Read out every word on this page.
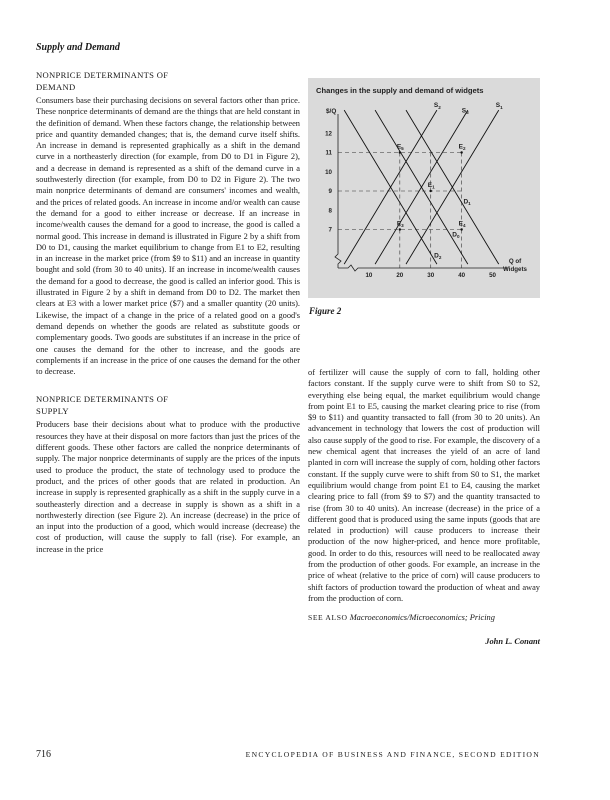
Supply and Demand
NONPRICE DETERMINANTS OF
DEMAND

Consumers base their purchasing decisions on several factors other than price. These nonprice determinants of demand are the things that are held constant in the definition of demand. When these factors change, the relationship between price and quantity demanded changes; that is, the demand curve itself shifts. An increase in demand is represented graphically as a shift in the demand curve in a northeasterly direction (for example, from D0 to D1 in Figure 2), and a decrease in demand is represented as a shift of the demand curve in a southwesterly direction (for example, from D0 to D2 in Figure 2). The two main nonprice determinants of demand are consumers' incomes and wealth, and the prices of related goods. An increase in income and/or wealth can cause the demand for a good to either increase or decrease. If an increase in income/wealth causes the demand for a good to increase, the good is called a normal good. This increase in demand is illustrated in Figure 2 by a shift from D0 to D1, causing the market equilibrium to change from E1 to E2, resulting in an increase in the market price (from $9 to $11) and an increase in quantity bought and sold (from 30 to 40 units). If an increase in income/wealth causes the demand for a good to decrease, the good is called an inferior good. This is illustrated in Figure 2 by a shift in demand from D0 to D2. The market then clears at E3 with a lower market price ($7) and a smaller quantity (20 units). Likewise, the impact of a change in the price of a related good on a good's demand depends on whether the goods are related as substitute goods or complementary goods. Two goods are substitutes if an increase in the price of one causes the demand for the other to increase, and the goods are complements if an increase in the price of one causes the demand for the other to decrease.

NONPRICE DETERMINANTS OF
SUPPLY

Producers base their decisions about what to produce with the productive resources they have at their disposal on more factors than just the prices of the different goods. These other factors are called the nonprice determinants of supply. The major nonprice determinants of supply are the prices of the inputs used to produce the product, the state of technology used to produce the product, and the prices of other goods that are related in production. An increase in supply is represented graphically as a shift in the supply curve in a southeasterly direction and a decrease in supply is shown as a shift in a northwesterly direction (see Figure 2). An increase (decrease) in the price of an input into the production of a good, which would increase (decrease) the cost of production, will cause the supply to fall (rise). For example, an increase in the price

Changes in the supply and demand of widgets
$/Q
$S_2$
$S_3$
$S_1$
$D_1$
$D_0$
$D_2$
$E_5$	$E_2$
$E_1$
$E_3$	$E_4$
7
8
9
10
11
12
10	20	30	40	50
Q of
Widgets
Figure 2

of fertilizer will cause the supply of corn to fall, holding other factors constant. If the supply curve were to shift from S0 to S2, everything else being equal, the market equilibrium would change from point E1 to E5, causing the market clearing price to rise (from $9 to $11) and quantity transacted to fall (from 30 to 20 units). An advancement in technology that lowers the cost of production will also cause supply of the good to rise. For example, the discovery of a new chemical agent that increases the yield of an acre of land planted in corn will increase the supply of corn, holding other factors constant. If the supply curve were to shift from S0 to S1, the market equilibrium would change from point E1 to E4, causing the market clearing price to fall (from $9 to $7) and the quantity transacted to rise (from 30 to 40 units). An increase (decrease) in the price of a different good that is produced using the same inputs (goods that are related in production) will cause producers to increase their production of the now higher-priced, and hence more profitable, good. In order to do this, resources will need to be reallocated away from the production of other goods. For example, an increase in the price of wheat (relative to the price of corn) will cause producers to shift factors of production toward the production of wheat and away from the production of corn.

SEE ALSO Macroeconomics/Microeconomics; Pricing
John L. Conant
716	ENCYCLOPEDIA OF BUSINESS AND FINANCE, SECOND EDITION
